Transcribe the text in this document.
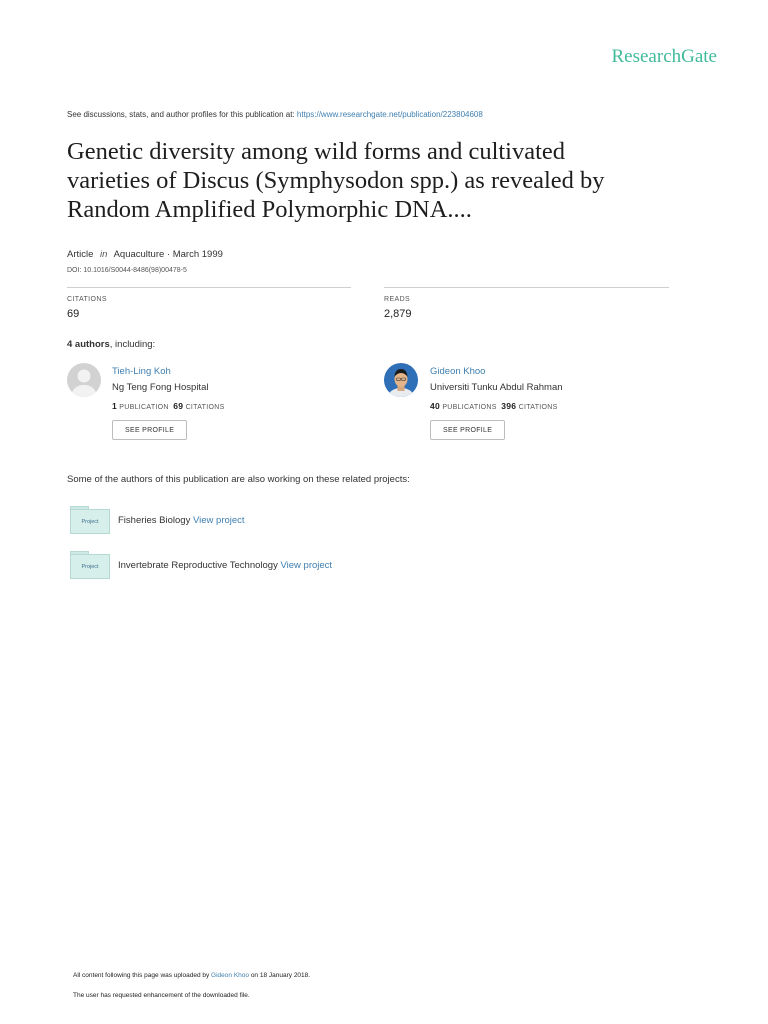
ResearchGate
See discussions, stats, and author profiles for this publication at: https://www.researchgate.net/publication/223804608
Genetic diversity among wild forms and cultivated
varieties of Discus (Symphysodon spp.) as revealed by
Random Amplified Polymorphic DNA....
Article in Aquaculture · March 1999
DOI: 10.1016/S0044-8486(98)00478-5
CITATIONS
69
READS
2,879
4 authors, including:
Tieh-Ling Koh
Ng Teng Fong Hospital
1 PUBLICATION 69 CITATIONS
SEE PROFILE
Gideon Khoo
Universiti Tunku Abdul Rahman
40 PUBLICATIONS 396 CITATIONS
SEE PROFILE
Some of the authors of this publication are also working on these related projects:
Project	Fisheries Biology View project
Project	Invertebrate Reproductive Technology View project
All content following this page was uploaded by Gideon Khoo on 18 January 2018.
The user has requested enhancement of the downloaded file.
